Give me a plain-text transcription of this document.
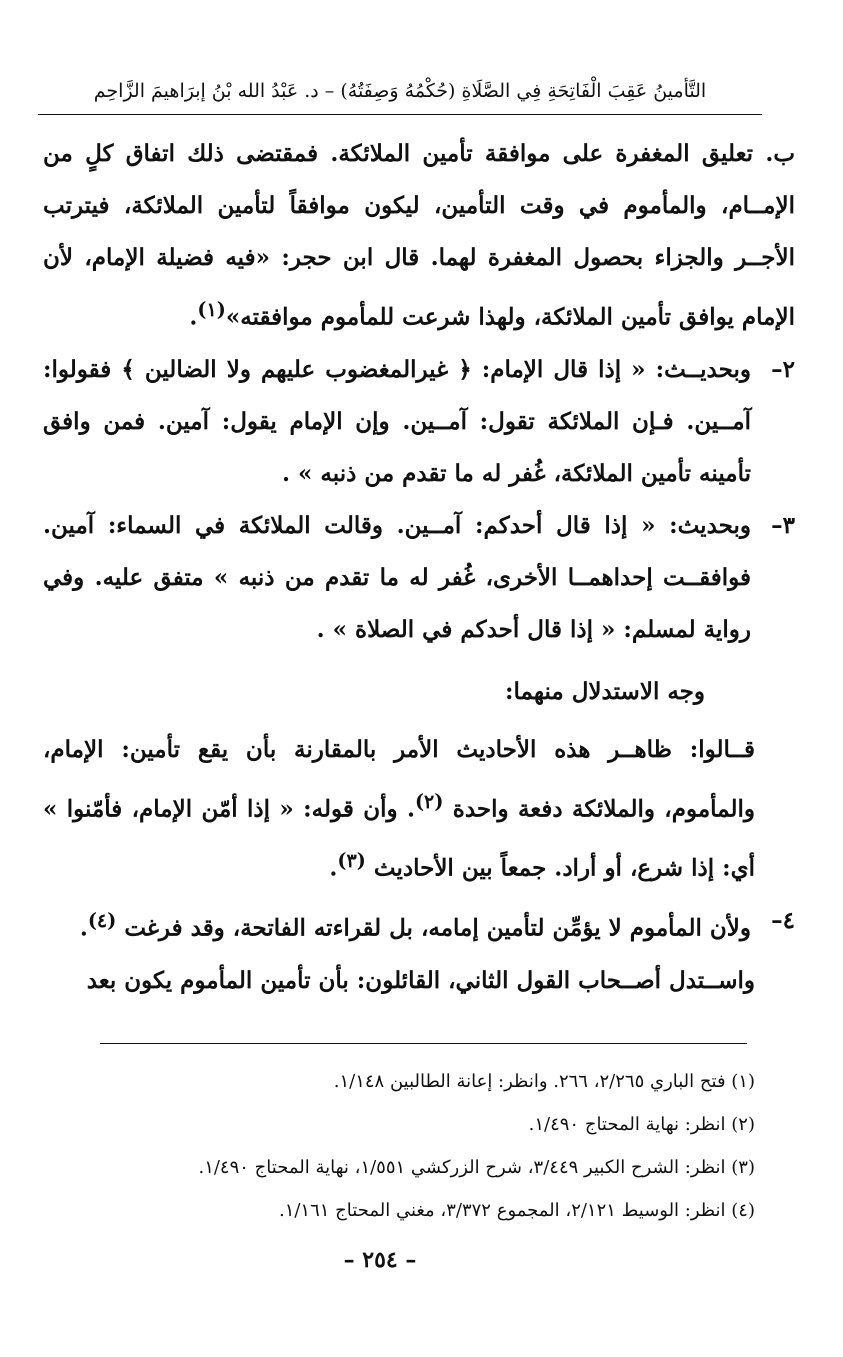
التَّأمينُ عَقِبَ الْفَاتِحَةِ فِي الصَّلَاةِ (حُكْمُهُ وَصِفَتُهُ) – د. عَبْدُ الله بْنُ إبرَاهيمَ الزَّاحِم

ب. تعليق المغفرة على موافقة تأمين الملائكة. فمقتضى ذلك اتفاق كلٍ من الإمــام، والمأموم في وقت التأمين، ليكون موافقاً لتأمين الملائكة، فيترتب الأجــر والجزاء بحصول المغفرة لهما. قال ابن حجر: «فيه فضيلة الإمام، لأن الإمام يوافق تأمين الملائكة، ولهذا شرعت للمأموم موافقته»$^{(١)}$.

٢–
وبحديــث: « إذا قال الإمام: ﴿ غيرالمغضوب عليهم ولا الضالين ﴾ فقولوا: آمــين. فـإن الملائكة تقول: آمــين. وإن الإمام يقول: آمين. فمن وافق تأمينه تأمين الملائكة، غُفر له ما تقدم من ذنبه » .
٣–
وبحديث: « إذا قال أحدكم: آمــين. وقالت الملائكة في السماء: آمين. فوافقــت إحداهمــا الأخرى، غُفر له ما تقدم من ذنبه » متفق عليه. وفي رواية لمسلم: « إذا قال أحدكم في الصلاة » .

وجه الاستدلال منهما:

قــالوا: ظاهــر هذه الأحاديث الأمر بالمقارنة بأن يقع تأمين: الإمام، والمأموم، والملائكة دفعة واحدة $^{(٢)}$. وأن قوله: « إذا أمّن الإمام، فأمّنوا » أي: إذا شرع، أو أراد. جمعاً بين الأحاديث $^{(٣)}$.

٤–
ولأن المأموم لا يؤمِّن لتأمين إمامه، بل لقراءته الفاتحة، وقد فرغت $^{(٤)}$.

واســتدل أصــحاب القول الثاني، القائلون: بأن تأمين المأموم يكون بعد

(١) فتح الباري ٢/٢٦٥، ٢٦٦. وانظر: إعانة الطالبين ١/١٤٨.
(٢) انظر: نهاية المحتاج ١/٤٩٠.
(٣) انظر: الشرح الكبير ٣/٤٤٩، شرح الزركشي ١/٥٥١، نهاية المحتاج ١/٤٩٠.
(٤) انظر: الوسيط ٢/١٢١، المجموع ٣/٣٧٢، مغني المحتاج ١/١٦١.
– ٢٥٤ –
